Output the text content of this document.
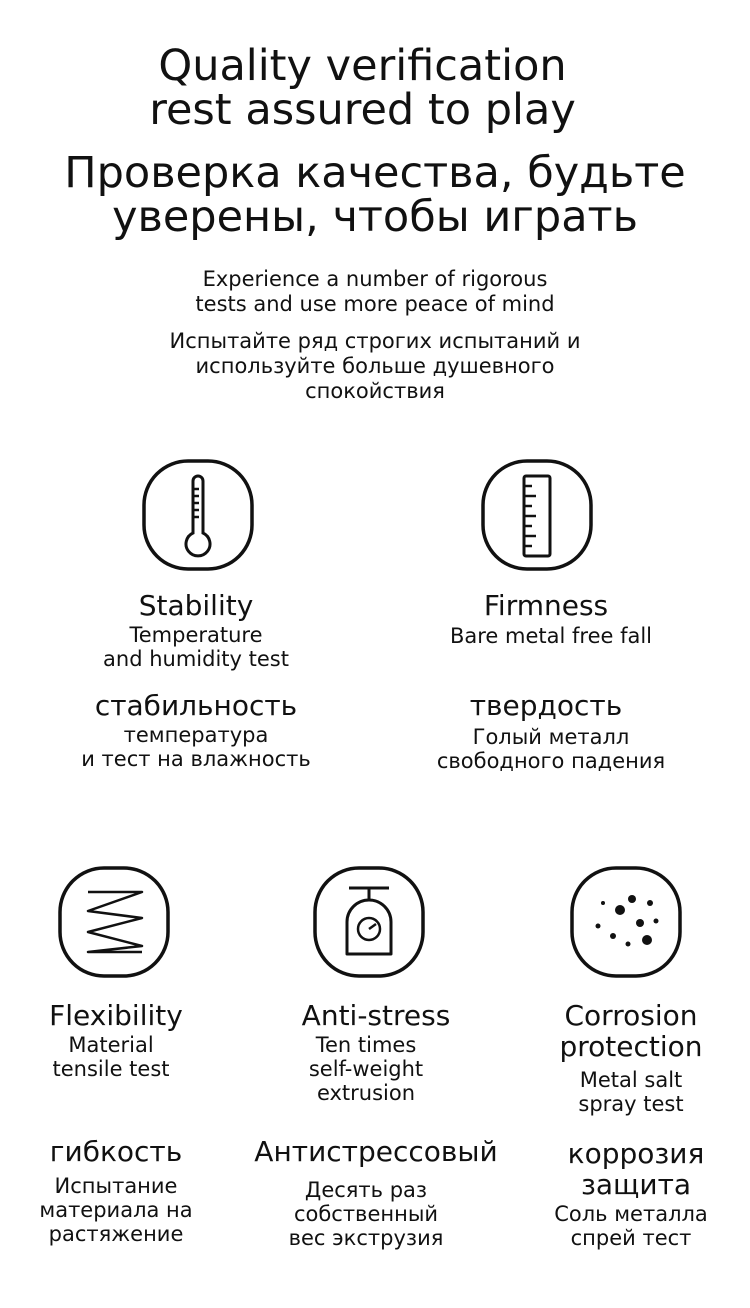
Quality verification
rest assured to play
Проверка качества, будьте
уверены, чтобы играть
Experience a number of rigorous
tests and use more peace of mind
Испытайте ряд строгих испытаний и
используйте больше душевного
спокойствия
Stability
Temperature
and humidity test
стабильность
температура
и тест на влажность
Firmness
Bare metal free fall
твердость
Голый металл
свободного падения
Flexibility
Material
tensile test
гибкость
Испытание
материала на
растяжение
Anti-stress
Ten times
self-weight
extrusion
Антистрессовый
Десять раз
собственный
вес экструзия
Corrosion
protection
Metal salt
spray test
коррозия
защита
Соль металла
спрей тест
